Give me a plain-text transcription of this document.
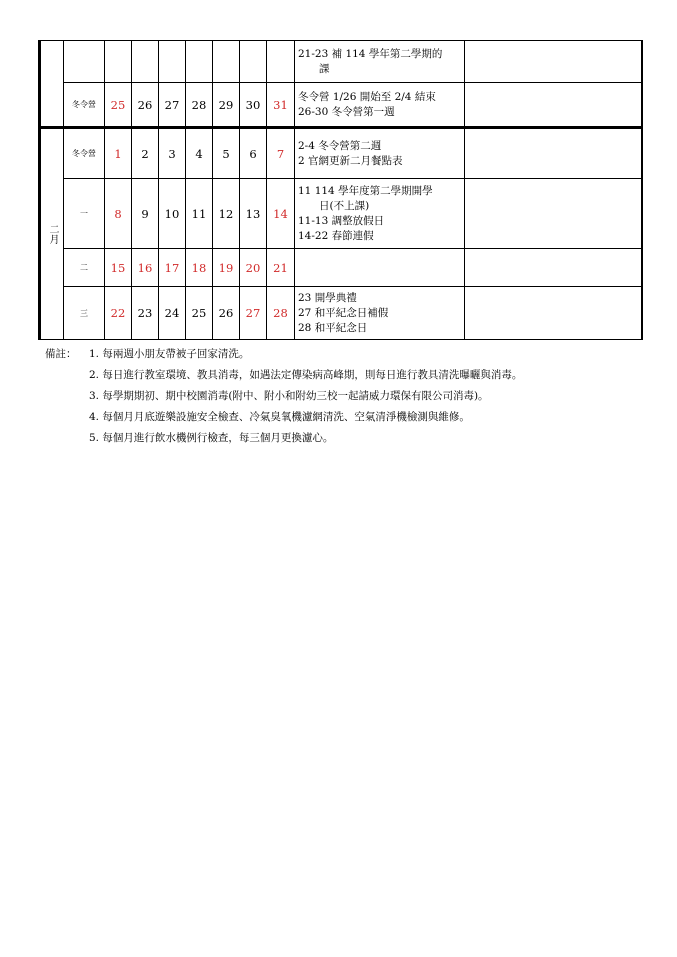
									21-23 補 114 學年第二學期的
　　課	

	冬令營	25	26	27	28	29	30	31	冬令營 1/26 開始至 2/4 結束
26-30 冬令營第一週	

二月	冬令營	1	2	3	4	5	6	7	2-4 冬令營第二週
2 官網更新二月餐點表	

	一	8	9	10	11	12	13	14	11 114 學年度第二學期開學
　　日(不上課)
11-13 調整放假日
14-22 春節連假	

	二	15	16	17	18	19	20	21		
	三	22	23	24	25	26	27	28	23 開學典禮
27 和平紀念日補假
28 和平紀念日	

備註： 1. 每兩週小朋友帶被子回家清洗。
2. 每日進行教室環境、教具消毒，如遇法定傳染病高峰期，則每日進行教具清洗曝曬與消毒。
3. 每學期期初、期中校園消毒(附中、附小和附幼三校一起請威力環保有限公司消毒)。
4. 每個月月底遊樂設施安全檢查、冷氣臭氧機濾網清洗、空氣清淨機檢測與維修。
5. 每個月進行飲水機例行檢查，每三個月更換濾心。
